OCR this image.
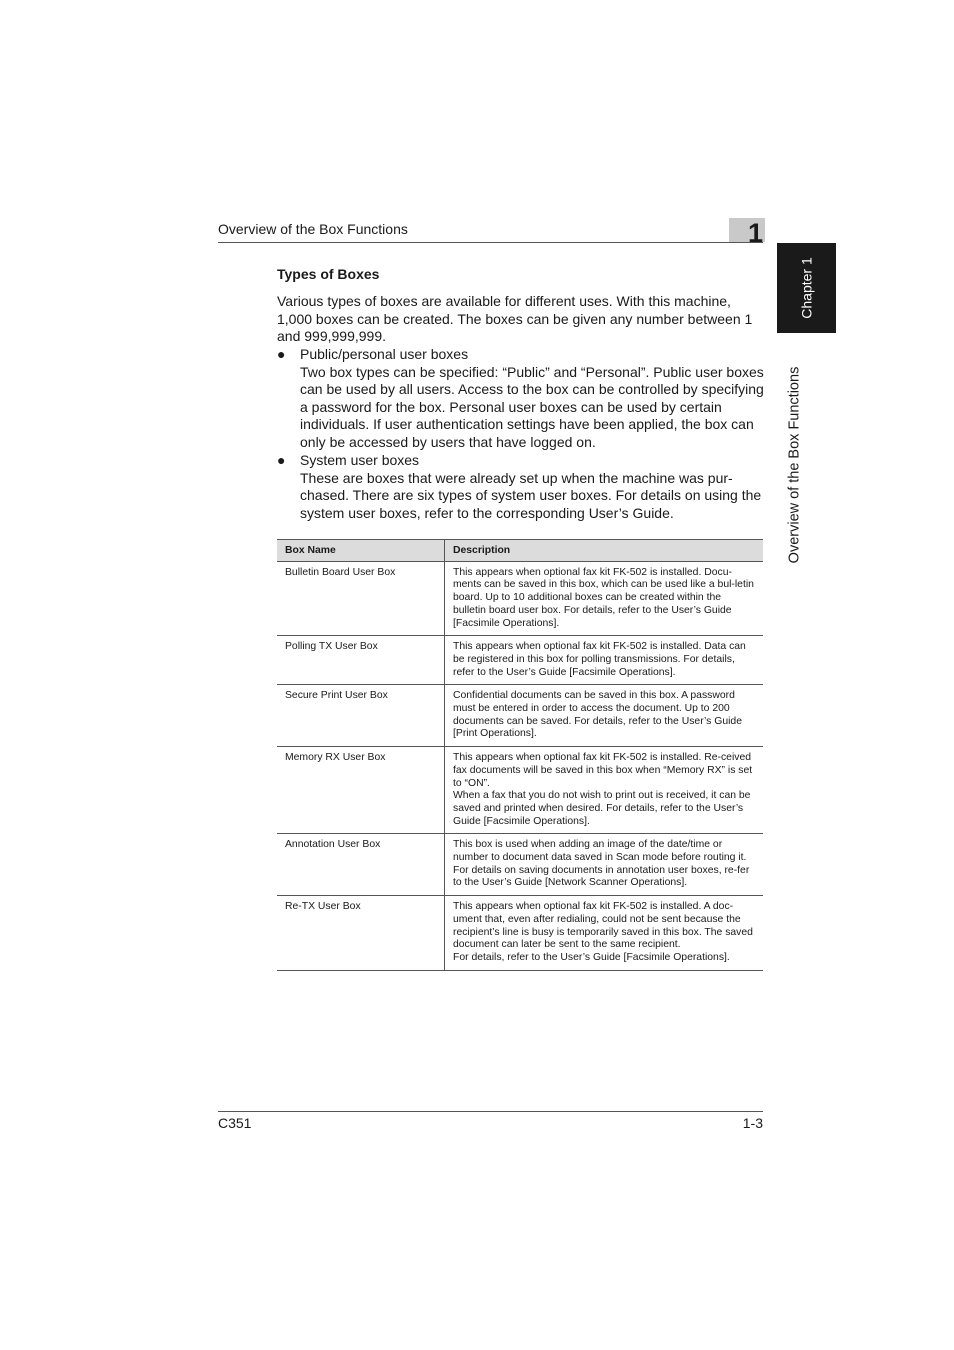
Overview of the Box Functions	1
Chapter 1
Overview of the Box Functions
Types of Boxes
Various types of boxes are available for different uses. With this machine, 1,000 boxes can be created. The boxes can be given any number between 1 and 999,999,999.
● Public/personal user boxes
Two box types can be specified: “Public” and “Personal”. Public user boxes can be used by all users. Access to the box can be controlled by specifying a password for the box. Personal user boxes can be used by certain individuals. If user authentication settings have been applied, the box can only be accessed by users that have logged on.
● System user boxes
These are boxes that were already set up when the machine was pur-chased. There are six types of system user boxes. For details on using the system user boxes, refer to the corresponding User’s Guide.
Box Name	Description
Bulletin Board User Box	This appears when optional fax kit FK-502 is installed. Docu-ments can be saved in this box, which can be used like a bul-letin board. Up to 10 additional boxes can be created within the bulletin board user box. For details, refer to the User’s Guide [Facsimile Operations].

Polling TX User Box	This appears when optional fax kit FK-502 is installed. Data can be registered in this box for polling transmissions. For details, refer to the User’s Guide [Facsimile Operations].

Secure Print User Box	Confidential documents can be saved in this box. A password must be entered in order to access the document. Up to 200 documents can be saved. For details, refer to the User’s Guide [Print Operations].

Memory RX User Box	This appears when optional fax kit FK-502 is installed. Re-ceived fax documents will be saved in this box when “Memory RX” is set to “ON”.
When a fax that you do not wish to print out is received, it can be saved and printed when desired. For details, refer to the User’s Guide [Facsimile Operations].

Annotation User Box	This box is used when adding an image of the date/time or number to document data saved in Scan mode before routing it.
For details on saving documents in annotation user boxes, re-fer to the User’s Guide [Network Scanner Operations].

Re-TX User Box	This appears when optional fax kit FK-502 is installed. A doc-ument that, even after redialing, could not be sent because the recipient’s line is busy is temporarily saved in this box. The saved document can later be sent to the same recipient.
For details, refer to the User’s Guide [Facsimile Operations].
C351	1-3
